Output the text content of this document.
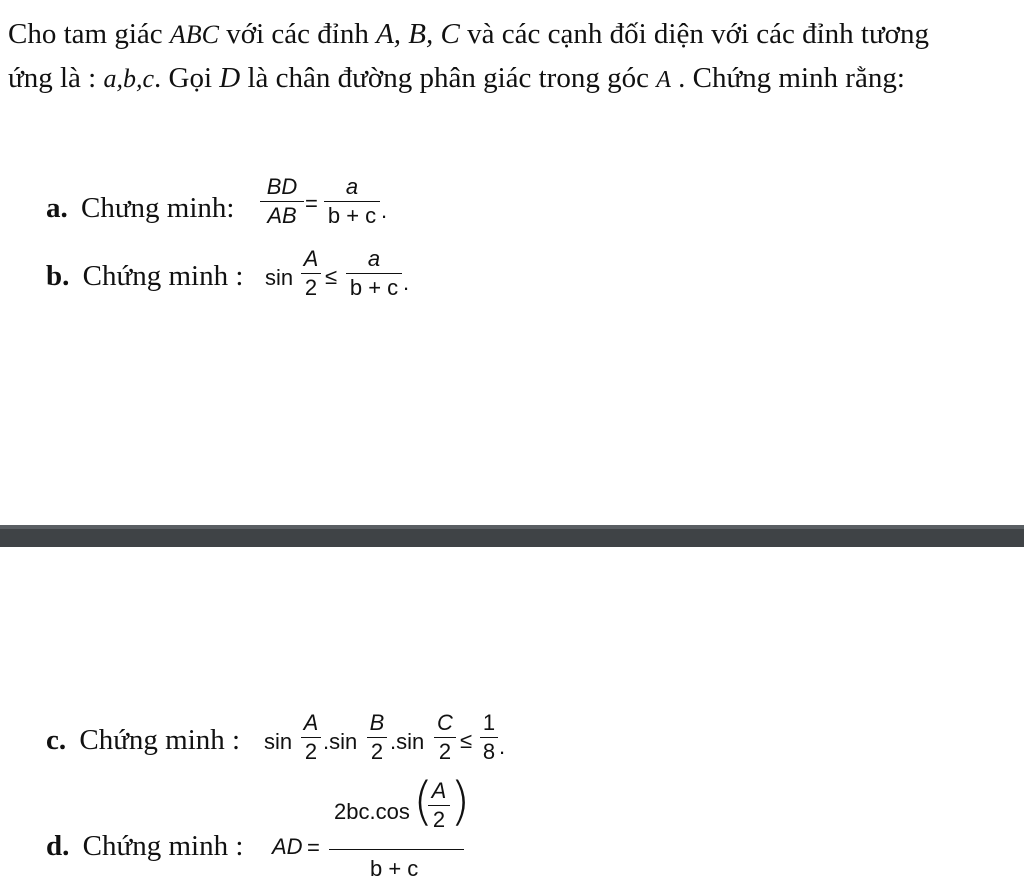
Cho tam giác ABC với các đỉnh A, B, C và các cạnh đối diện với các đỉnh tương
ứng là : a,b,c. Gọi D là chân đường phân giác trong góc A . Chứng minh rằng:
a. Chưng minh:
BD
AB =
a
b + c .
b. Chứng minh : sin
A
2 ≤
a
b + c .
c. Chứng minh : sin
A
2 .sin
B
2 .sin
C
2 ≤
1
8 .
d. Chứng minh : AD =
2bc.cos (
A
2 )
b + c
